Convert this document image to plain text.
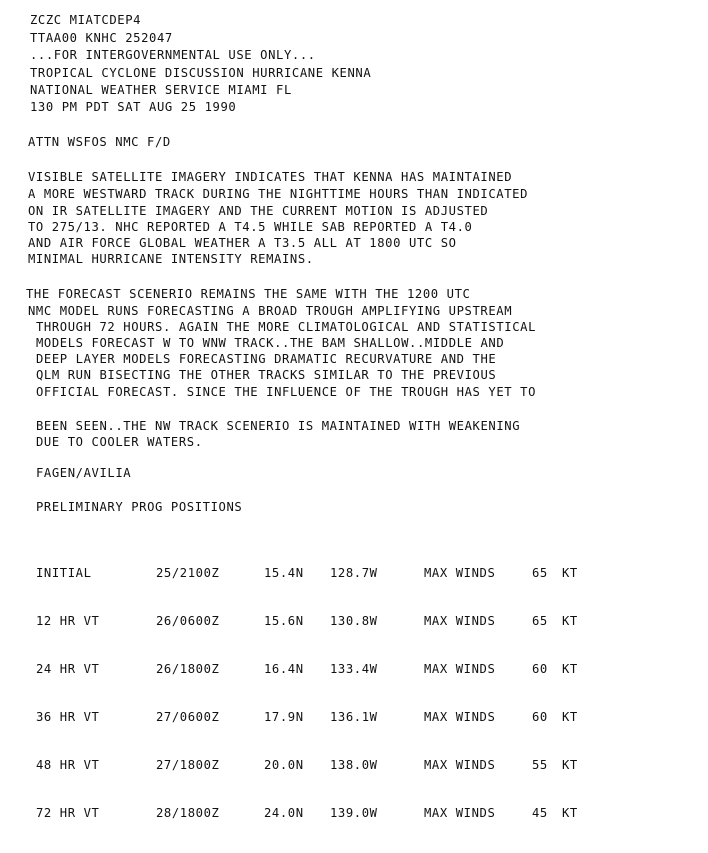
ZCZC MIATCDEP4
TTAA00 KNHC 252047
...FOR INTERGOVERNMENTAL USE ONLY...
TROPICAL CYCLONE DISCUSSION HURRICANE KENNA
NATIONAL WEATHER SERVICE MIAMI FL
130 PM PDT SAT AUG 25 1990
ATTN WSFOS NMC F/D
VISIBLE SATELLITE IMAGERY INDICATES THAT KENNA HAS MAINTAINED
A MORE WESTWARD TRACK DURING THE NIGHTTIME HOURS THAN INDICATED
ON IR SATELLITE IMAGERY AND THE CURRENT MOTION IS ADJUSTED
TO 275/13. NHC REPORTED A T4.5 WHILE SAB REPORTED A T4.0
AND AIR FORCE GLOBAL WEATHER A T3.5 ALL AT 1800 UTC SO
MINIMAL HURRICANE INTENSITY REMAINS.
THE FORECAST SCENERIO REMAINS THE SAME WITH THE 1200 UTC
NMC MODEL RUNS FORECASTING A BROAD TROUGH AMPLIFYING UPSTREAM
THROUGH 72 HOURS. AGAIN THE MORE CLIMATOLOGICAL AND STATISTICAL
MODELS FORECAST W TO WNW TRACK..THE BAM SHALLOW..MIDDLE AND
DEEP LAYER MODELS FORECASTING DRAMATIC RECURVATURE AND THE
QLM RUN BISECTING THE OTHER TRACKS SIMILAR TO THE PREVIOUS
OFFICIAL FORECAST. SINCE THE INFLUENCE OF THE TROUGH HAS YET TO
BEEN SEEN..THE NW TRACK SCENERIO IS MAINTAINED WITH WEAKENING
DUE TO COOLER WATERS.
FAGEN/AVILIA
PRELIMINARY PROG POSITIONS

INITIAL

12 HR VT

24 HR VT

36 HR VT

48 HR VT

72 HR VT

25/2100Z

26/0600Z

26/1800Z

27/0600Z

27/1800Z

28/1800Z

15.4N

15.6N

16.4N

17.9N

20.0N

24.0N

128.7W

130.8W

133.4W

136.1W

138.0W

139.0W

MAX WINDS

MAX WINDS

MAX WINDS

MAX WINDS

MAX WINDS

MAX WINDS

65

65

60

60

55

45

KT

KT

KT

KT

KT

KT
